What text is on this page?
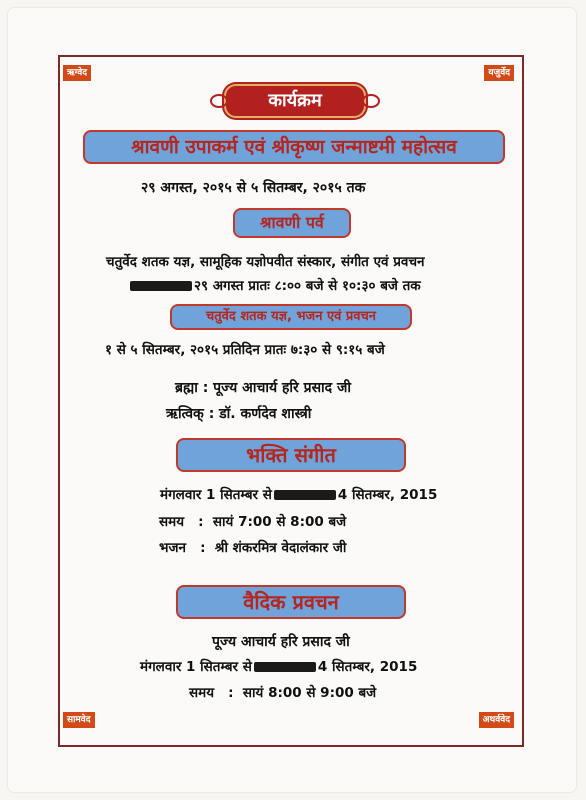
ऋग्वेद	यजुर्वेद
सामवेद	अथर्ववेद
कार्यक्रम
श्रावणी उपाकर्म एवं श्रीकृष्ण जन्माष्टमी महोत्सव
२९ अगस्त, २०१५ से ५ सितम्बर, २०१५ तक
श्रावणी पर्व
चतुर्वेद शतक यज्ञ, सामूहिक यज्ञोपवीत संस्कार, संगीत एवं प्रवचन
२९ अगस्त प्रातः ८:०० बजे से १०:३० बजे तक
चतुर्वेद शतक यज्ञ, भजन एवं प्रवचन
१ से ५ सितम्बर, २०१५ प्रतिदिन प्रातः ७:३० से ९:१५ बजे
ब्रह्मा : पूज्य आचार्य हरि प्रसाद जी
ऋत्विक् : डॉ. कर्णदेव शास्त्री
भक्ति संगीत
मंगलवार 1 सितम्बर से	4 सितम्बर, 2015
समय   :  सायं 7:00 से 8:00 बजे
भजन   :  श्री शंकरमित्र वेदालंकार जी
वैदिक प्रवचन
पूज्य आचार्य हरि प्रसाद जी
मंगलवार 1 सितम्बर से	4 सितम्बर, 2015
समय   :  सायं 8:00 से 9:00 बजे
